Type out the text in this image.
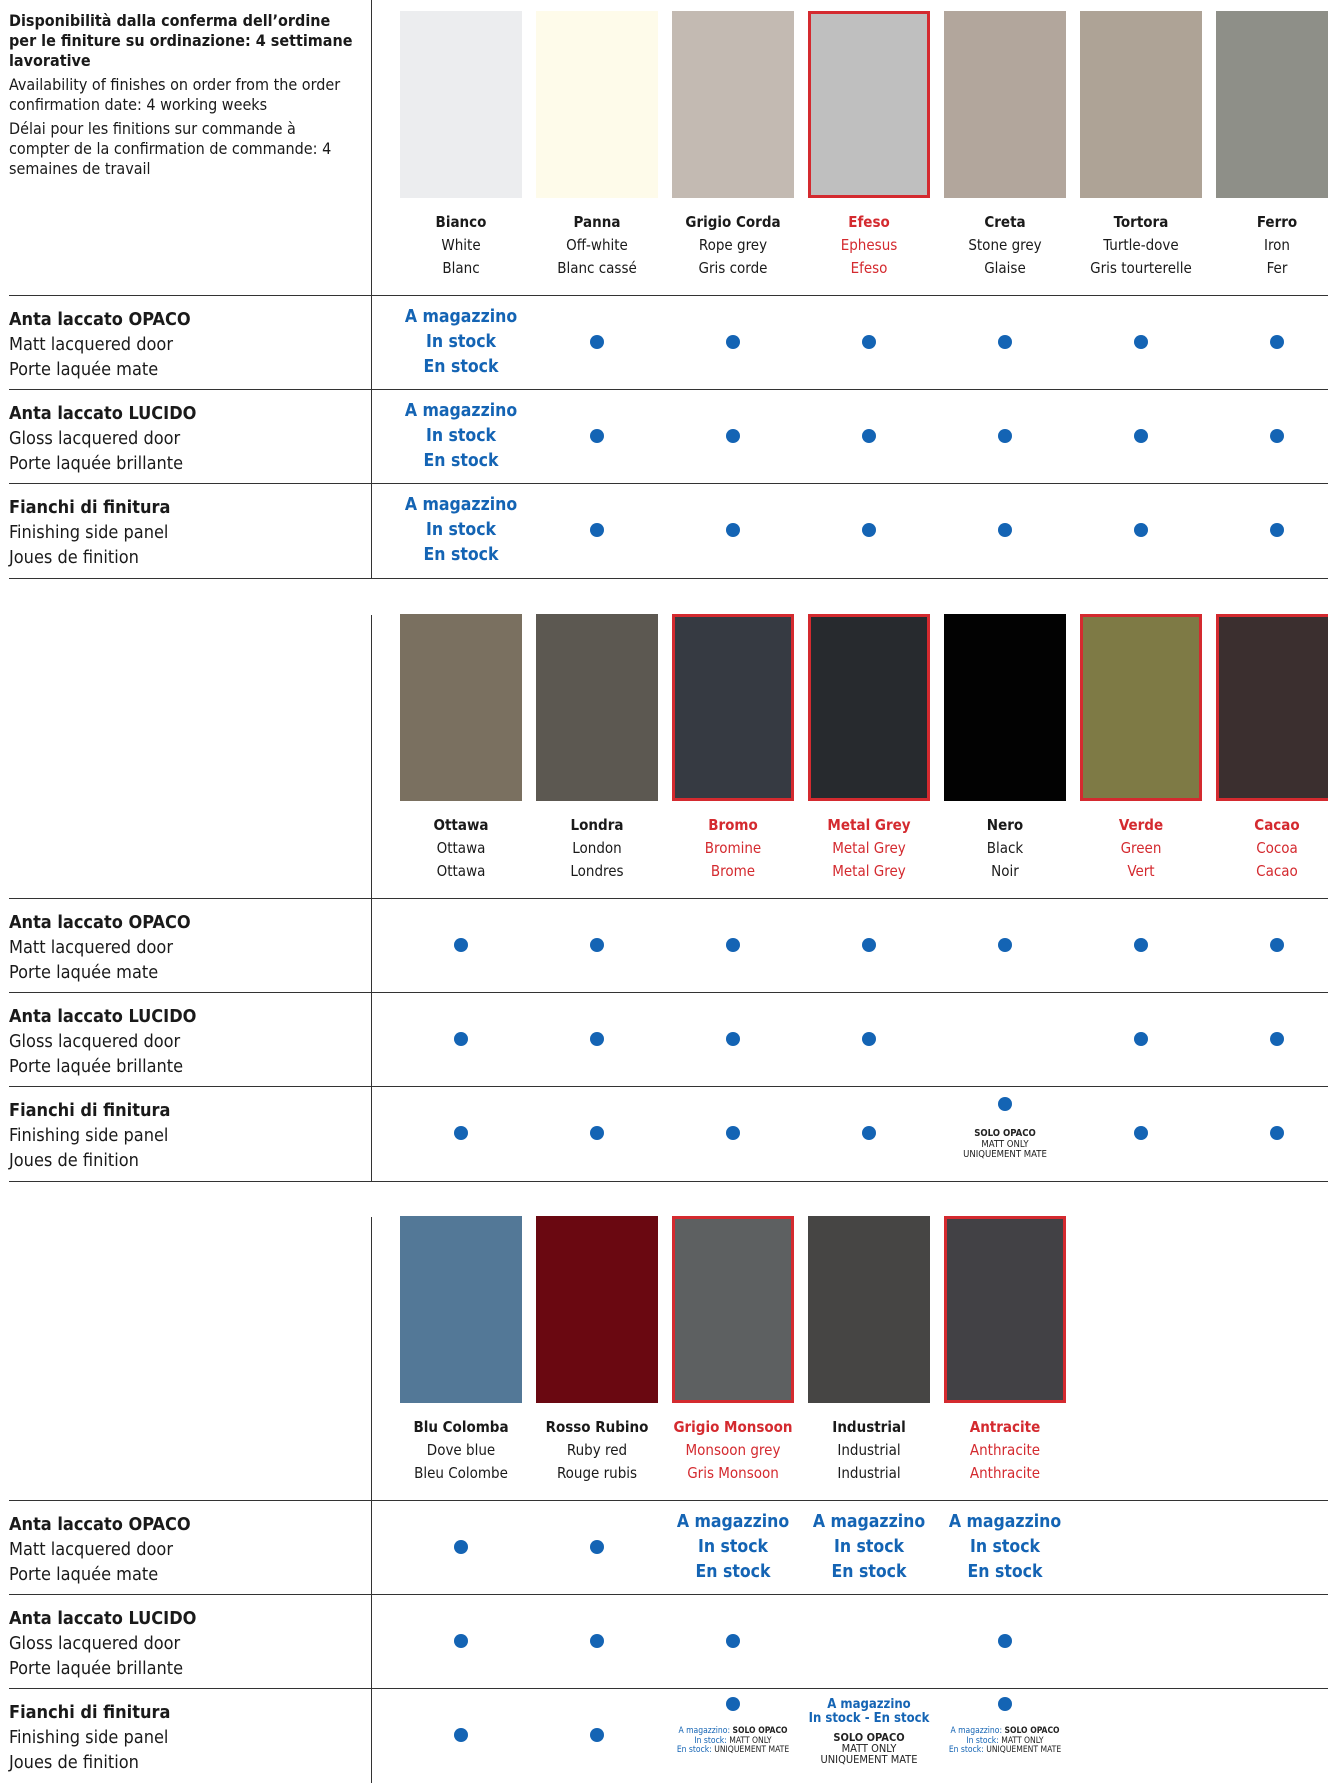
Disponibilità dalla conferma dell’ordine per le finiture su ordinazione: 4 settimane lavorative

Availability of finishes on order from the order confirmation date: 4 working weeks

Délai pour les finitions sur commande à compter de la confirmation de commande: 4 semaines de travail

Anta laccato OPACO
Matt lacquered door
Porte laquée mate
Anta laccato LUCIDO
Gloss lacquered door
Porte laquée brillante
Fianchi di finitura
Finishing side panel
Joues de finition
Bianco
White
Blanc
A magazzino
In stock
En stock
A magazzino
In stock
En stock
A magazzino
In stock
En stock
Panna
Off-white
Blanc cassé
Grigio Corda
Rope grey
Gris corde
Efeso
Ephesus
Efeso
Creta
Stone grey
Glaise
Tortora
Turtle-dove
Gris tourterelle
Ferro
Iron
Fer
Anta laccato OPACO
Matt lacquered door
Porte laquée mate
Anta laccato LUCIDO
Gloss lacquered door
Porte laquée brillante
Fianchi di finitura
Finishing side panel
Joues de finition
Ottawa
Ottawa
Ottawa
Londra
London
Londres
Bromo
Bromine
Brome
Metal Grey
Metal Grey
Metal Grey
Nero
Black
Noir
SOLO OPACO
MATT ONLY
UNIQUEMENT MATE
Verde
Green
Vert
Cacao
Cocoa
Cacao
Anta laccato OPACO
Matt lacquered door
Porte laquée mate
Anta laccato LUCIDO
Gloss lacquered door
Porte laquée brillante
Fianchi di finitura
Finishing side panel
Joues de finition
Blu Colomba
Dove blue
Bleu Colombe
Rosso Rubino
Ruby red
Rouge rubis
Grigio Monsoon
Monsoon grey
Gris Monsoon
A magazzino
In stock
En stock
A magazzino: SOLO OPACO
In stock: MATT ONLY
En stock: UNIQUEMENT MATE
Industrial
Industrial
Industrial
A magazzino
In stock
En stock
A magazzino
In stock - En stock
SOLO OPACO
MATT ONLY
UNIQUEMENT MATE
Antracite
Anthracite
Anthracite
A magazzino
In stock
En stock
A magazzino: SOLO OPACO
In stock: MATT ONLY
En stock: UNIQUEMENT MATE
